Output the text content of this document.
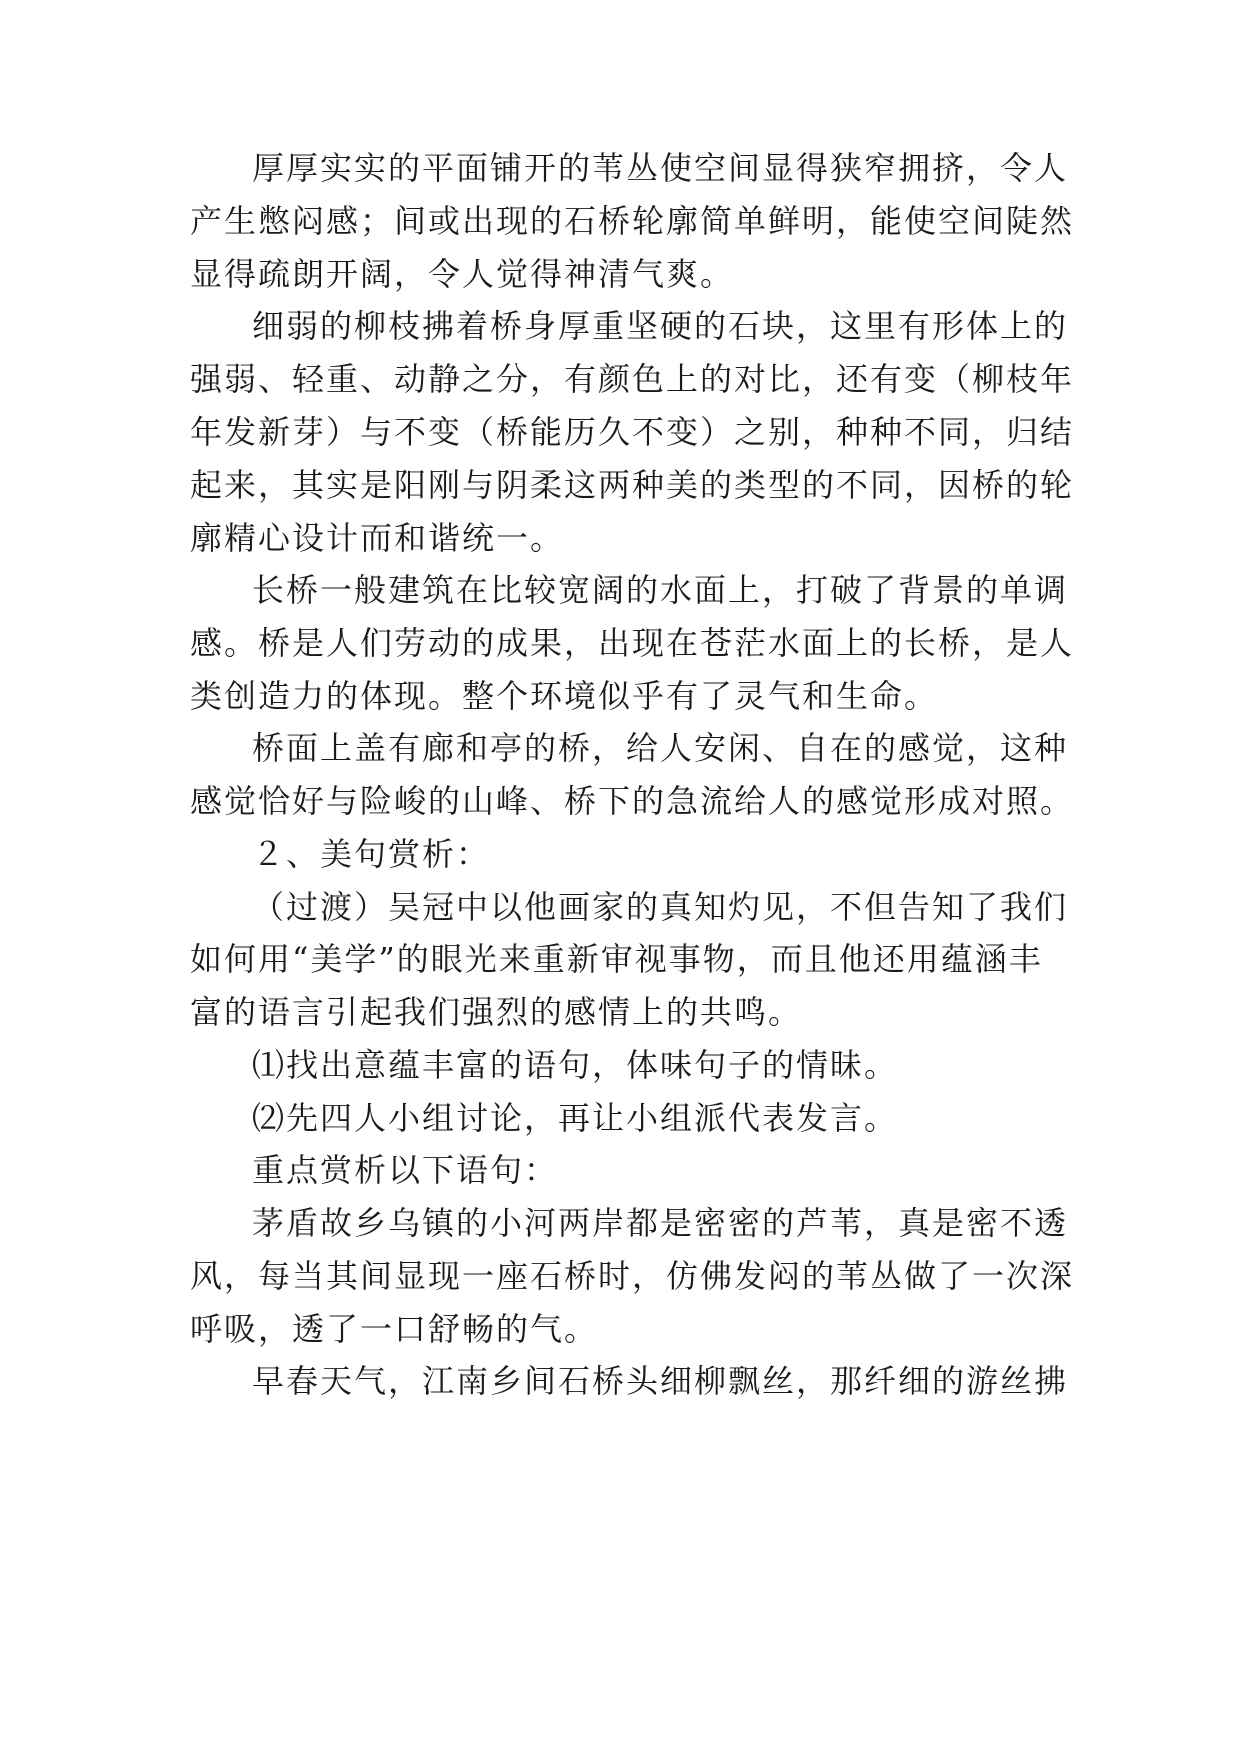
厚厚实实的平面铺开的苇丛使空间显得狭窄拥挤，令人
产生憋闷感；间或出现的石桥轮廓简单鲜明，能使空间陡然
显得疏朗开阔，令人觉得神清气爽。
细弱的柳枝拂着桥身厚重坚硬的石块，这里有形体上的
强弱、轻重、动静之分，有颜色上的对比，还有变（柳枝年
年发新芽）与不变（桥能历久不变）之别，种种不同，归结
起来，其实是阳刚与阴柔这两种美的类型的不同，因桥的轮
廓精心设计而和谐统一。
长桥一般建筑在比较宽阔的水面上，打破了背景的单调
感。桥是人们劳动的成果，出现在苍茫水面上的长桥，是人
类创造力的体现。整个环境似乎有了灵气和生命。
桥面上盖有廊和亭的桥，给人安闲、自在的感觉，这种
感觉恰好与险峻的山峰、桥下的急流给人的感觉形成对照。
２、美句赏析：
（过渡）吴冠中以他画家的真知灼见，不但告知了我们
如何用“美学”的眼光来重新审视事物，而且他还用蕴涵丰
富的语言引起我们强烈的感情上的共鸣。
⑴找出意蕴丰富的语句，体味句子的情昧。
⑵先四人小组讨论，再让小组派代表发言。
重点赏析以下语句：
茅盾故乡乌镇的小河两岸都是密密的芦苇，真是密不透
风，每当其间显现一座石桥时，仿佛发闷的苇丛做了一次深
呼吸，透了一口舒畅的气。
早春天气，江南乡间石桥头细柳飘丝，那纤细的游丝拂
